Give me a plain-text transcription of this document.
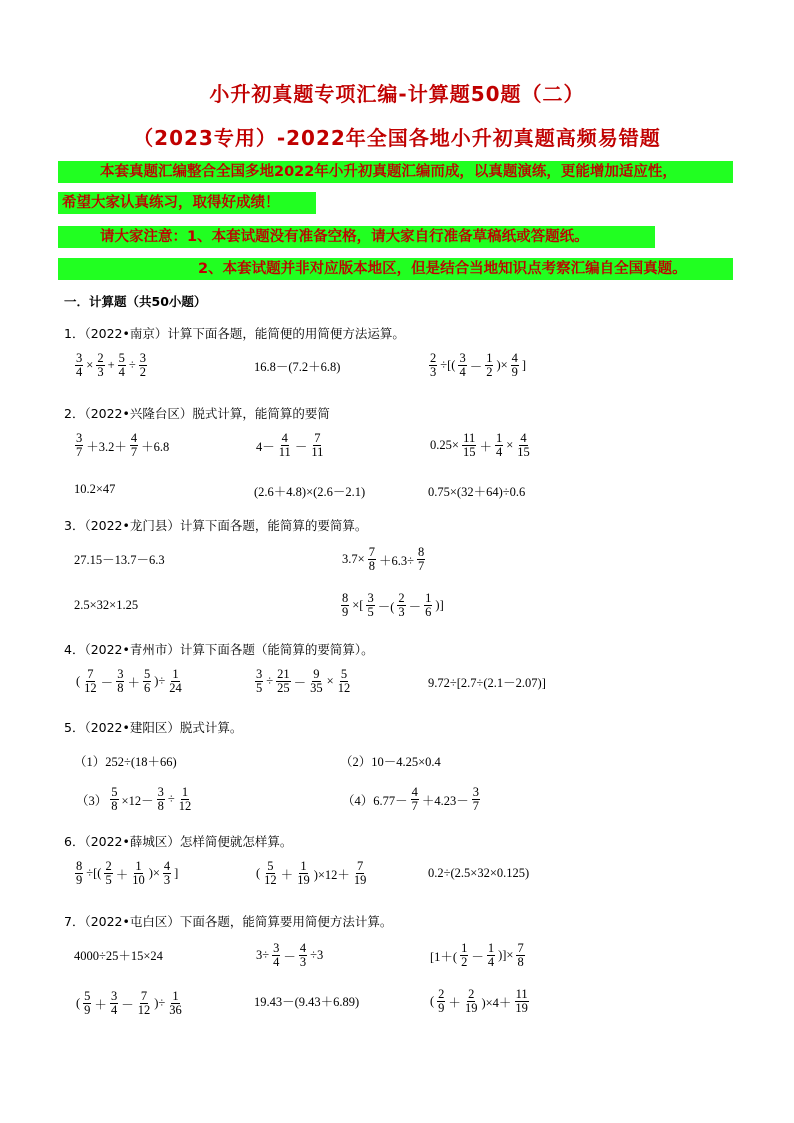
小升初真题专项汇编-计算题50题（二）
（2023专用）-2022年全国各地小升初真题高频易错题
本套真题汇编整合全国多地2022年小升初真题汇编而成，以真题演练，更能增加适应性，
希望大家认真练习，取得好成绩！
请大家注意：1、本套试题没有准备空格，请大家自行准备草稿纸或答题纸。
2、本套试题并非对应版本地区，但是结合当地知识点考察汇编自全国真题。
一．计算题（共50小题）
1．（2022•南京）计算下面各题，能简便的用简便方法运算。
$\frac{3}{4} \times \frac{2}{3} + \frac{5}{4} \div \frac{3}{2}$	16.8－(7.2＋6.8)	$\frac{2}{3}$ ÷[( $\frac{3}{4} - \frac{1}{2}$ )× $\frac{4}{9}$ ]
2．（2022•兴隆台区）脱式计算，能简算的要简
$\frac{3}{7} +3.2+ \frac{4}{7} +6.8$	$4- \frac{4}{11} - \frac{7}{11}$	$0.25\times \frac{11}{15} + \frac{1}{4} \times \frac{4}{15}$
10.2×47	(2.6＋4.8)×(2.6－2.1)	0.75×(32＋64)÷0.6
3．（2022•龙门县）计算下面各题，能简算的要简算。
27.15－13.7－6.3	$3.7\times \frac{7}{8} +6.3\div \frac{8}{7}$
2.5×32×1.25	$\frac{8}{9}$ ×[ $\frac{3}{5}$ －( $\frac{2}{3} - \frac{1}{6}$ )]
4．（2022•青州市）计算下面各题（能简算的要简算）。
( $\frac{7}{12} - \frac{3}{8} + \frac{5}{6}$ )÷ $\frac{1}{24}$	$\frac{3}{5} \div \frac{21}{25} - \frac{9}{35} \times \frac{5}{12}$	9.72÷[2.7÷(2.1－2.07)]
5．（2022•建阳区）脱式计算。
（1）252÷(18＋66)	（2）10－4.25×0.4
$(3) \frac{5}{8} \times 12- \frac{3}{8} \div \frac{1}{12}$	$(4)6.77- \frac{4}{7} +4.23- \frac{3}{7}$
6．（2022•薛城区）怎样简便就怎样算。
$\frac{8}{9}$ ÷[( $\frac{2}{5} + \frac{1}{10}$ )× $\frac{4}{3}$ ]	( $\frac{5}{12} + \frac{1}{19} )\times 12+ \frac{7}{19}$	0.2÷(2.5×32×0.125)
7．（2022•屯白区）下面各题，能简算要用简便方法计算。
4000÷25＋15×24	$3\div \frac{3}{4} - \frac{4}{3} \div 3$	[$1+( \frac{1}{2} - \frac{1}{4}$ )]× $\frac{7}{8}$
( $\frac{5}{9} + \frac{3}{4} - \frac{7}{12}$ )÷ $\frac{1}{36}$	19.43－(9.43＋6.89)	( $\frac{2}{9} + \frac{2}{19} )\times 4+ \frac{11}{19}$
